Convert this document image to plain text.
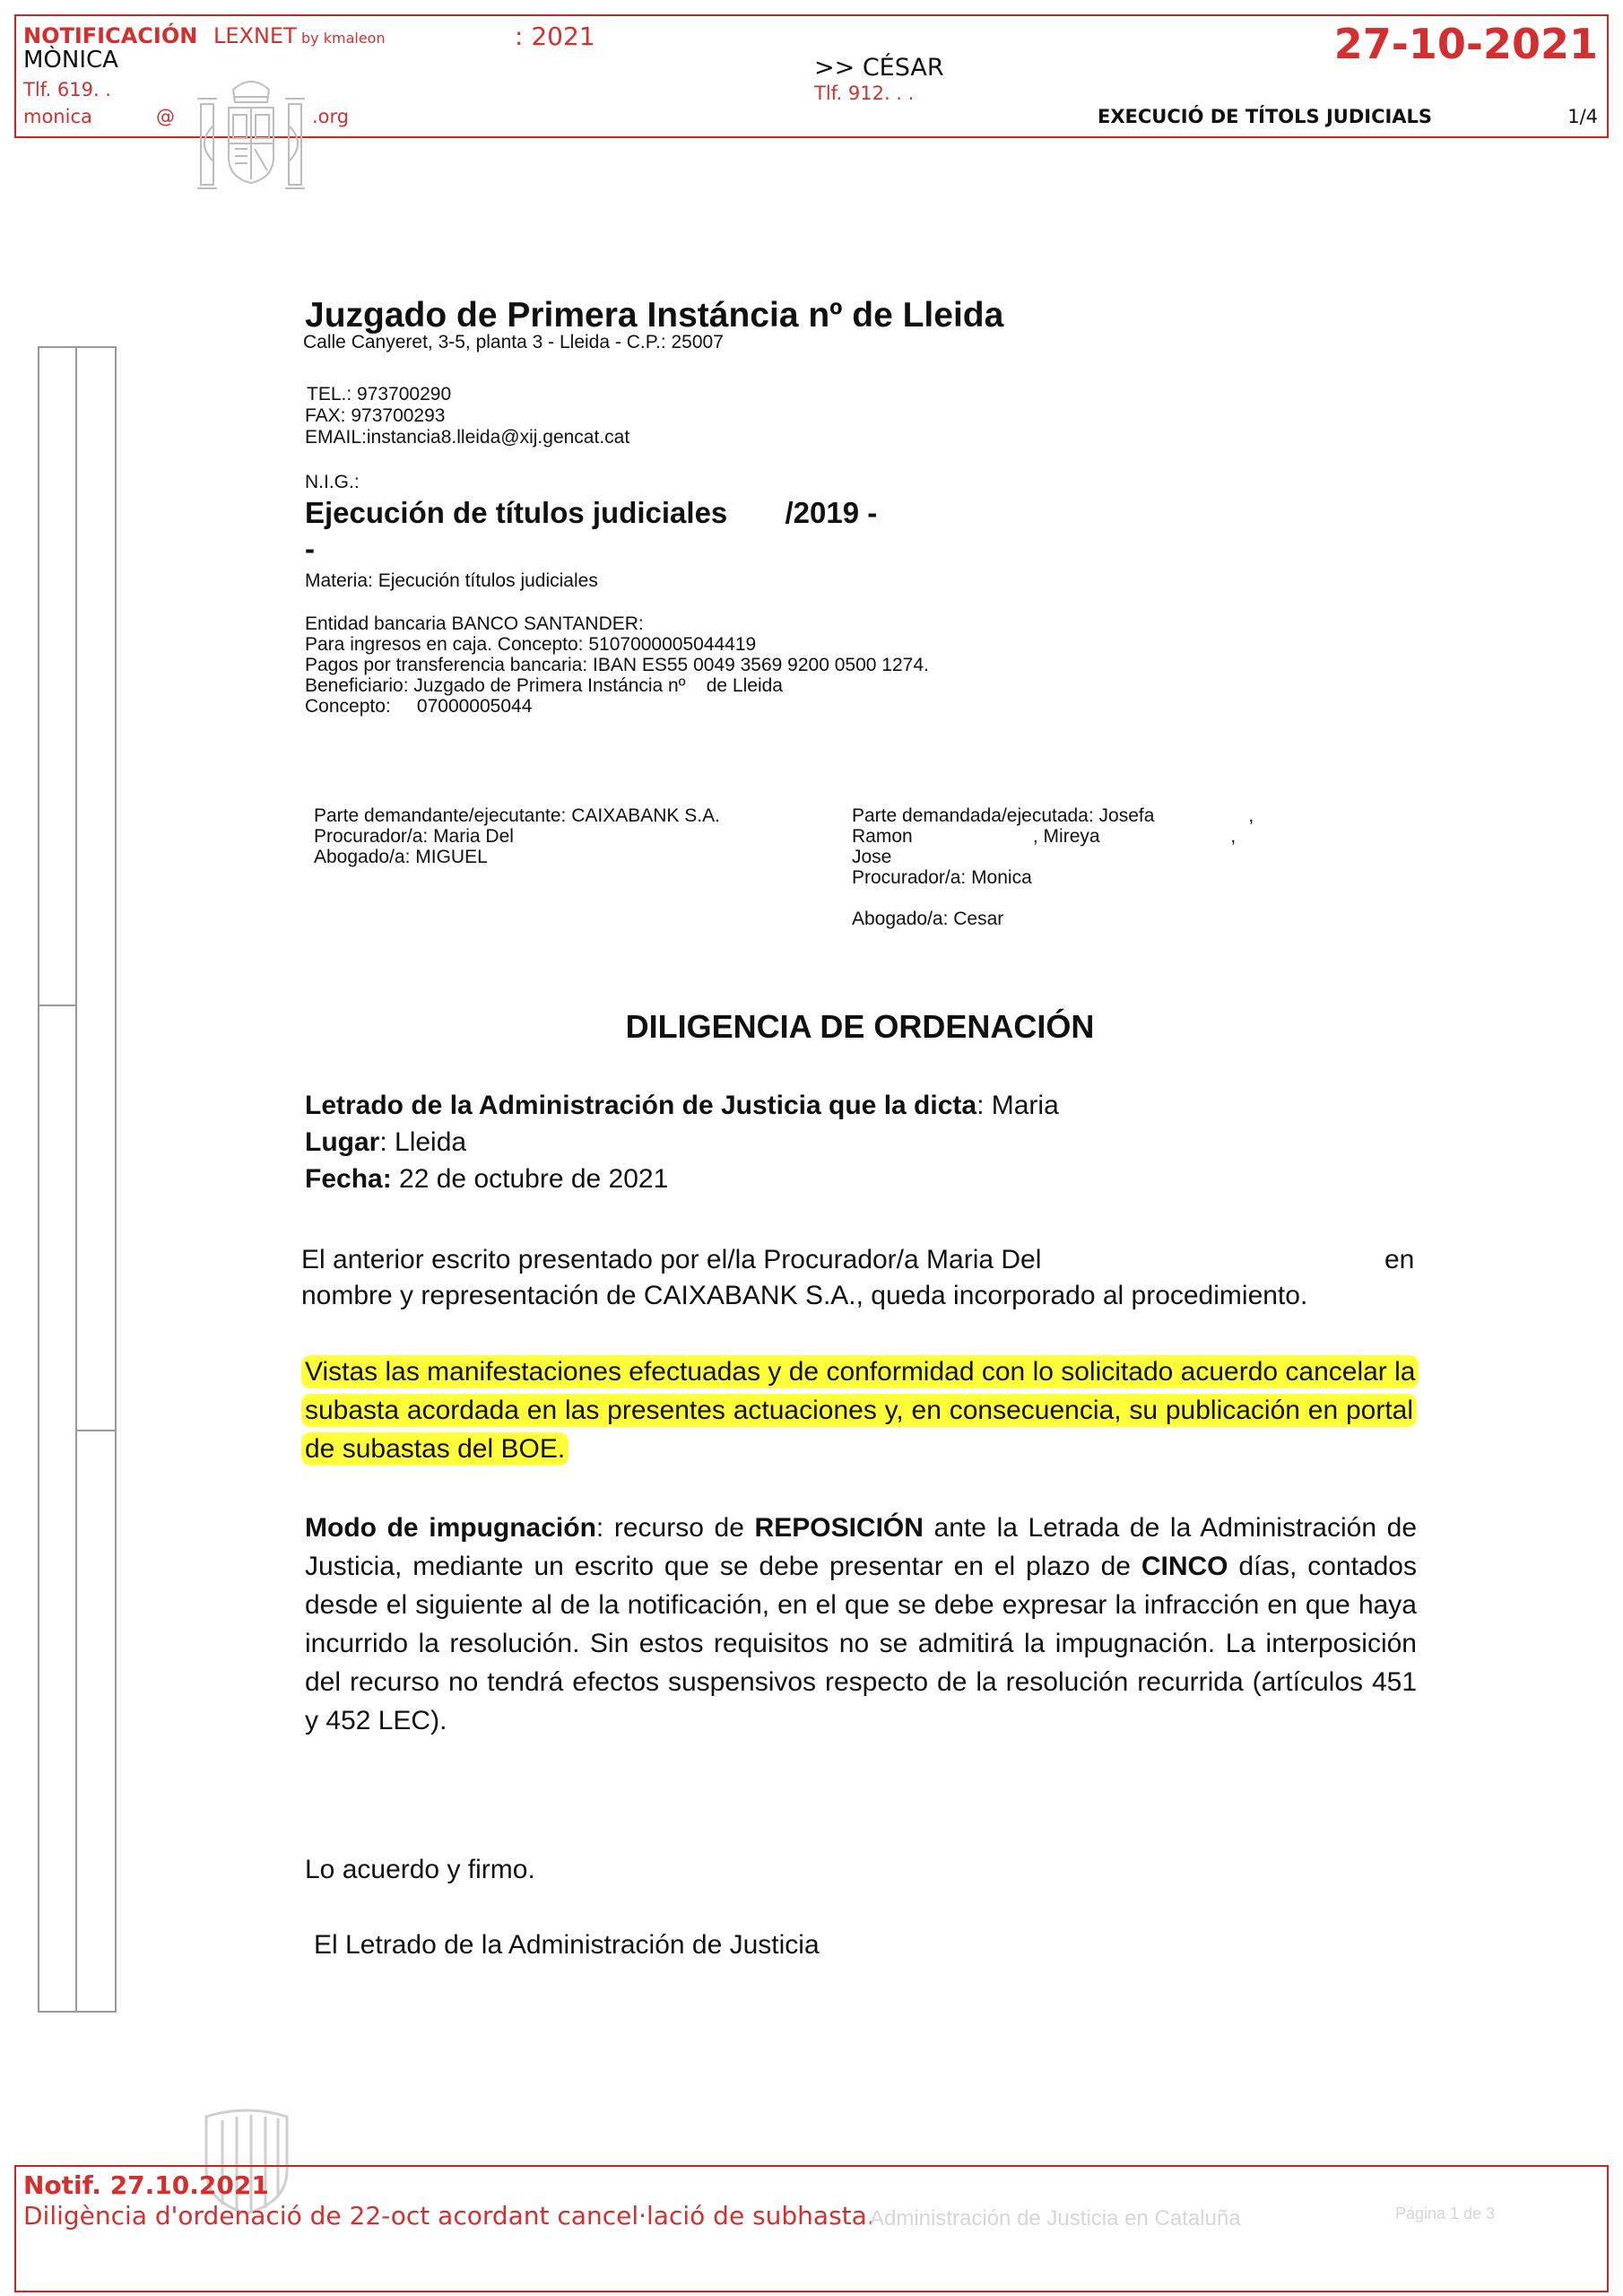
NOTIFICACIÓN LEXNET by kmaleon	: 2021
MÒNICA
Tlf. 619. .
monica	@	.org
>> CÉSAR
Tlf. 912. . .
27-10-2021
EXECUCIÓ DE TÍTOLS JUDICIALS	1/4
Juzgado de Primera Instáncia nº de Lleida
Calle Canyeret, 3-5, planta 3 - Lleida - C.P.: 25007
TEL.: 973700290
FAX: 973700293
EMAIL:instancia8.lleida@xij.gencat.cat
N.I.G.:
Ejecución de títulos judiciales       /2019 -
-
Materia: Ejecución títulos judiciales
Entidad bancaria BANCO SANTANDER:
Para ingresos en caja. Concepto: 5107000005044419
Pagos por transferencia bancaria: IBAN ES55 0049 3569 9200 0500 1274.
Beneficiario: Juzgado de Primera Instáncia nº    de Lleida
Concepto:     07000005044
Parte demandante/ejecutante: CAIXABANK S.A.
Procurador/a: Maria Del
Abogado/a: MIGUEL
Parte demandada/ejecutada: Josefa                  ,
Ramon                       , Mireya                         ,
Jose
Procurador/a: Monica
Abogado/a: Cesar
DILIGENCIA DE ORDENACIÓN
Letrado de la Administración de Justicia que la dicta: Maria
Lugar: Lleida
Fecha: 22 de octubre de 2021
El anterior escrito presentado por el/la Procurador/a Maria Del	en
nombre y representación de CAIXABANK S.A., queda incorporado al procedimiento.
Vistas las manifestaciones efectuadas y de conformidad con lo solicitado acuerdo cancelar la subasta acordada en las presentes actuaciones y, en consecuencia, su publicación en portal de subastas del BOE.
Modo de impugnación: recurso de REPOSICIÓN ante la Letrada de la Administración de Justicia, mediante un escrito que se debe presentar en el plazo de CINCO días, contados desde el siguiente al de la notificación, en el que se debe expresar la infracción en que haya incurrido la resolución. Sin estos requisitos no se admitirá la impugnación. La interposición del recurso no tendrá efectos suspensivos respecto de la resolución recurrida (artículos 451 y 452 LEC).
Lo acuerdo y firmo.
El Letrado de la Administración de Justicia
Notif. 27.10.2021
Diligència d'ordenació de 22-oct acordant cancel·lació de subhasta.
Administración de Justicia en Cataluña	Página 1 de 3
